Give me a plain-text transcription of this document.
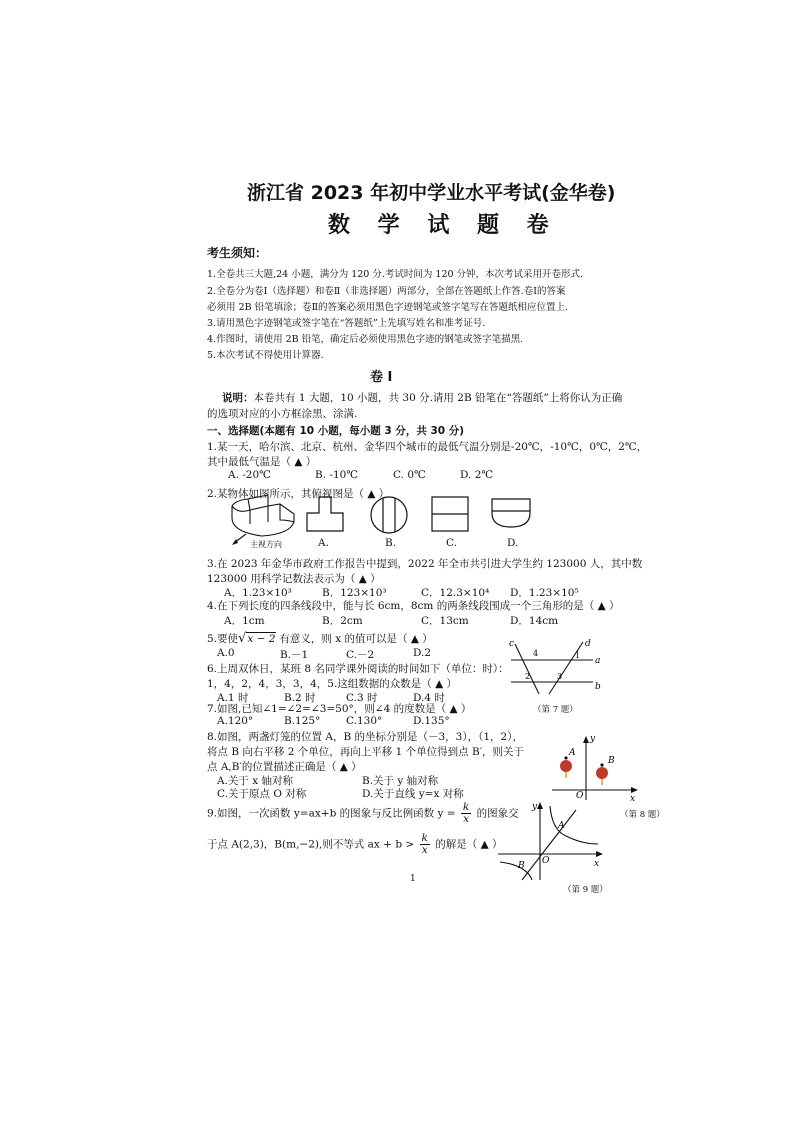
浙江省 2023 年初中学业水平考试(金华卷)
数 学 试 题 卷
考生须知：
1.全卷共三大题,24 小题，满分为 120 分.考试时间为 120 分钟，本次考试采用开卷形式.
2.全卷分为卷Ⅰ（选择题）和卷Ⅱ（非选择题）两部分，全部在答题纸上作答.卷Ⅰ的答案
必须用 2B 铅笔填涂；卷Ⅱ的答案必须用黑色字迹钢笔或签字笔写在答题纸相应位置上.
3.请用黑色字迹钢笔或签字笔在“答题纸”上先填写姓名和准考证号.
4.作图时，请使用 2B 铅笔，确定后必须使用黑色字迹的钢笔或签字笔描黑.
5.本次考试不得使用计算器.
卷 Ⅰ
说明：本卷共有 1 大题，10 小题，共 30 分.请用 2B 铅笔在“答题纸”上将你认为正确
的选项对应的小方框涂黑、涂满.
一、选择题(本题有 10 小题，每小题 3 分，共 30 分)
1.某一天，哈尔滨、北京、杭州、金华四个城市的最低气温分别是-20℃，-10℃，0℃，2℃，
其中最低气温是（ ▲ ）
A. -20℃	B. -10℃	C. 0℃	D. 2℃
2.某物体如图所示，其俯视图是（ ▲ ）
主视方向	A.	B.	C.	D.
3.在 2023 年金华市政府工作报告中提到，2022 年全市共引进大学生约 123000 人，其中数
123000 用科学记数法表示为（ ▲ ）
A．1.23×10³	B．123×10³	C．12.3×10⁴ D．1.23×10⁵
4.在下列长度的四条线段中，能与长 6cm，8cm 的两条线段围成一个三角形的是（ ▲ ）
A．1cm	B．2cm	C．13cm	D．14cm
5.要使√x − 2 有意义，则 x 的值可以是（ ▲ ）
A.0	B.－1	C.－2	D.2
6.上周双休日，某班 8 名同学课外阅读的时间如下（单位：时）：
1，4，2，4，3，3，4，5.这组数据的众数是（ ▲ ）
A.1 时	B.2 时	C.3 时	D.4 时
7.如图,已知∠1=∠2=∠3=50°，则∠4 的度数是（ ▲ ）
A.120°	B.125° C.130°	D.135°
c	d
4	1
a
2	3
b
（第 7 题）
8.如图，两盏灯笼的位置 A，B 的坐标分别是（－3，3），（1，2），
将点 B 向右平移 2 个单位，再向上平移 1 个单位得到点 B′，则关于
点 A,B′的位置描述正确是（ ▲ ）
A.关于 x 轴对称	B.关于 y 轴对称
C.关于原点 O 对称	D.关于直线 y=x 对称
y
A
B
O	x
（第 8 题）
9.如图，一次函数 y=ax+b 的图象与反比例函数 $y = \frac{k}{x}$ 的图象交
于点 A(2,3)，B(m,−2),则不等式 ax + $b > \frac{k}{x}$ 的解是（ ▲ ）
y
A
O
B	x
（第 9 题）
1
